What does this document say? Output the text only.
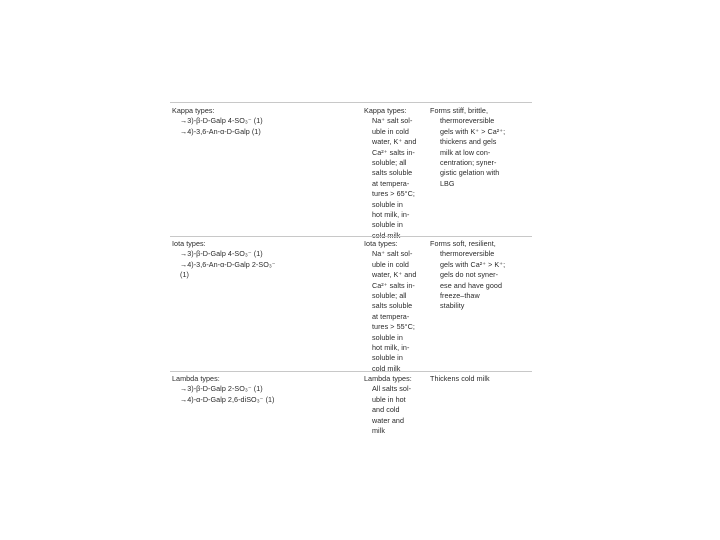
Kappa types:
→3)-β-D-Galp 4-SO₃⁻ (1)
→4)-3,6-An-α-D-Galp (1)
Kappa types:
Na⁺ salt sol-
uble in cold
water, K⁺ and
Ca²⁺ salts in-
soluble; all
salts soluble
at tempera-
tures > 65°C;
soluble in
hot milk, in-
soluble in
cold milk
Forms stiff, brittle,
thermoreversible
gels with K⁺ > Ca²⁺;
thickens and gels
milk at low con-
centration; syner-
gistic gelation with
LBG
Iota types:
→3)-β-D-Galp 4-SO₃⁻ (1)
→4)-3,6-An-α-D-Galp 2-SO₃⁻
(1)
Iota types:
Na⁺ salt sol-
uble in cold
water, K⁺ and
Ca²⁺ salts in-
soluble; all
salts soluble
at tempera-
tures > 55°C;
soluble in
hot milk, in-
soluble in
cold milk
Forms soft, resilient,
thermoreversible
gels with Ca²⁺ > K⁺;
gels do not syner-
ese and have good
freeze–thaw
stability
Lambda types:
→3)-β-D-Galp 2-SO₃⁻ (1)
→4)-α-D-Galp 2,6-diSO₃⁻ (1)
Lambda types:
All salts sol-
uble in hot
and cold
water and
milk
Thickens cold milk
